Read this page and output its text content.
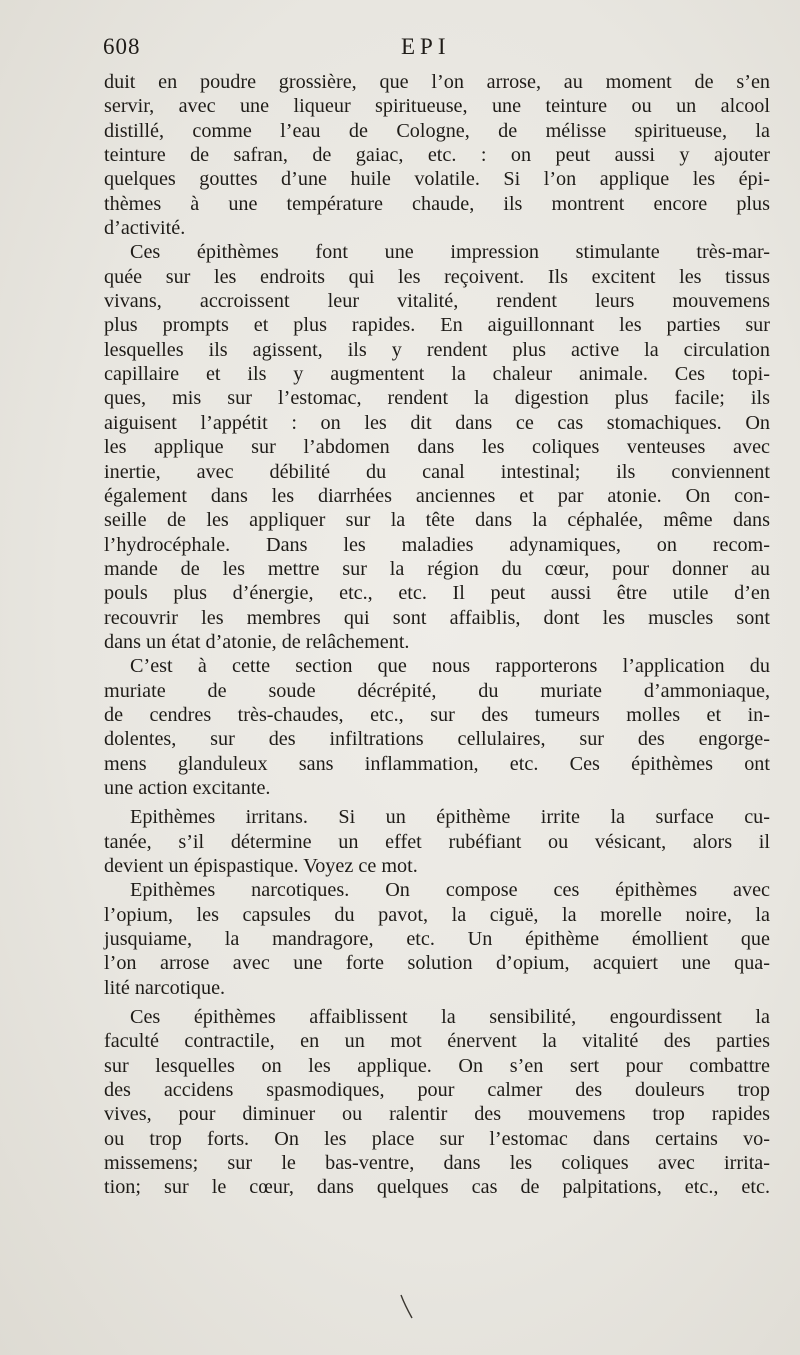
608	EPI
duit en poudre grossière, que l’on arrose, au moment de s’en
servir, avec une liqueur spiritueuse, une teinture ou un alcool
distillé, comme l’eau de Cologne, de mélisse spiritueuse, la
teinture de safran, de gaiac, etc. : on peut aussi y ajouter
quelques gouttes d’une huile volatile. Si l’on applique les épi-
thèmes à une température chaude, ils montrent encore plus
d’activité.
Ces épithèmes font une impression stimulante très-mar-
quée sur les endroits qui les reçoivent. Ils excitent les tissus
vivans, accroissent leur vitalité, rendent leurs mouvemens
plus prompts et plus rapides. En aiguillonnant les parties sur
lesquelles ils agissent, ils y rendent plus active la circulation
capillaire et ils y augmentent la chaleur animale. Ces topi-
ques, mis sur l’estomac, rendent la digestion plus facile; ils
aiguisent l’appétit : on les dit dans ce cas stomachiques. On
les applique sur l’abdomen dans les coliques venteuses avec
inertie, avec débilité du canal intestinal; ils conviennent
également dans les diarrhées anciennes et par atonie. On con-
seille de les appliquer sur la tête dans la céphalée, même dans
l’hydrocéphale. Dans les maladies adynamiques, on recom-
mande de les mettre sur la région du cœur, pour donner au
pouls plus d’énergie, etc., etc. Il peut aussi être utile d’en
recouvrir les membres qui sont affaiblis, dont les muscles sont
dans un état d’atonie, de relâchement.
C’est à cette section que nous rapporterons l’application du
muriate de soude décrépité, du muriate d’ammoniaque,
de cendres très-chaudes, etc., sur des tumeurs molles et in-
dolentes, sur des infiltrations cellulaires, sur des engorge-
mens glanduleux sans inflammation, etc. Ces épithèmes ont
une action excitante.
Epithèmes irritans. Si un épithème irrite la surface cu-
tanée, s’il détermine un effet rubéfiant ou vésicant, alors il
devient un épispastique. Voyez ce mot.
Epithèmes narcotiques. On compose ces épithèmes avec
l’opium, les capsules du pavot, la ciguë, la morelle noire, la
jusquiame, la mandragore, etc. Un épithème émollient que
l’on arrose avec une forte solution d’opium, acquiert une qua-
lité narcotique.
Ces épithèmes affaiblissent la sensibilité, engourdissent la
faculté contractile, en un mot énervent la vitalité des parties
sur lesquelles on les applique. On s’en sert pour combattre
des accidens spasmodiques, pour calmer des douleurs trop
vives, pour diminuer ou ralentir des mouvemens trop rapides
ou trop forts. On les place sur l’estomac dans certains vo-
missemens; sur le bas-ventre, dans les coliques avec irrita-
tion; sur le cœur, dans quelques cas de palpitations, etc., etc.
